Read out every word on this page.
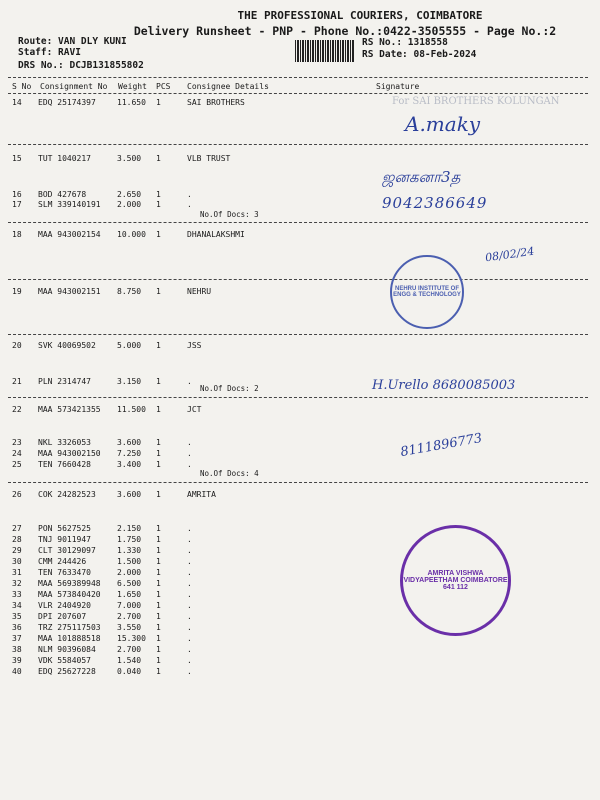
THE PROFESSIONAL COURIERS, COIMBATORE
Delivery Runsheet - PNP - Phone No.:0422-3505555 - Page No.:2
Route: VAN DLY KUNI
Staff: RAVI
DRS No.: DCJB131855802
RS No.: 1318558
RS Date: 08-Feb-2024
S No Consignment No Weight PCS Consignee Details	Signature
14 EDQ 25174397	11.650 1	SAI BROTHERS
15 TUT 1040217	3.500 1	VLB TRUST
16 BOD 427678	2.650 1	.
17 SLM 339140191 2.000 1	.
18 MAA 943002154 10.000 1	DHANALAKSHMI
19 MAA 943002151 8.750 1	NEHRU
20 SVK 40069502	5.000 1	JSS
21 PLN 2314747	3.150 1	.
22 MAA 573421355 11.500 1	JCT
23 NKL 3326053	3.600 1	.
24 MAA 943002150 7.250 1	.
25 TEN 7660428	3.400 1	.
26 COK 24282523	3.600 1	AMRITA
27 PON 5627525	2.150 1	.
28 TNJ 9011947	1.750 1	.
29 CLT 30129097	1.330 1	.
30 CMM 244426	1.500 1	.
31 TEN 7633470	2.000 1	.
32 MAA 569389948 6.500 1	.
33 MAA 573840420 1.650 1	.
34 VLR 2404920	7.000 1	.
35 DPI 207607	2.700 1	.
36 TRZ 275117503 3.550 1	.
37 MAA 101888518 15.300 1	.
38 NLM 90396084	2.700 1	.
39 VDK 5584057	1.540 1	.
40 EDQ 25627228	0.040 1	.
No.Of Docs: 3
No.Of Docs: 2
No.Of Docs: 4
For SAI BROTHERS KOLUNGAN
A.maky
ஜனகனா3த
9042386649
08/02/24
H.Urello 8680085003
8111896773
NEHRU INSTITUTE OF ENGG & TECHNOLOGY
AMRITA VISHWA VIDYAPEETHAM COIMBATORE 641 112
